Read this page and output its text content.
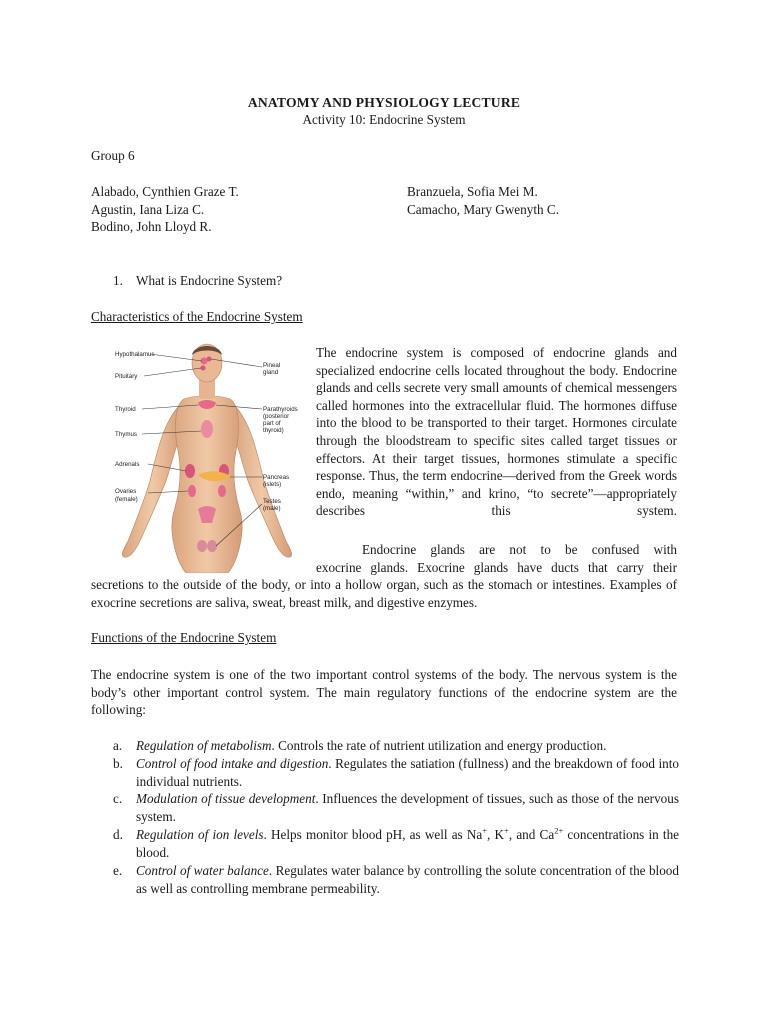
ANATOMY AND PHYSIOLOGY LECTURE
Activity 10: Endocrine System
Group 6
Alabado, Cynthien Graze T.
Agustin, Iana Liza C.
Bodino, John Lloyd R.
Branzuela, Sofia Mei M.
Camacho, Mary Gwenyth C.
1. What is Endocrine System?
Characteristics of the Endocrine System
Hypothalamus
Pituitary
Thyroid
Thymus
Adrenals
Ovaries
(female)
Pineal
gland
Parathyroids
(posterior
part of
thyroid)
Pancreas
(islets)
Testes
(male)
The endocrine system is composed of endocrine glands and specialized endocrine cells located throughout the body. Endocrine glands and cells secrete very small amounts of chemical messengers called hormones into the extracellular fluid. The hormones diffuse into the blood to be transported to their target. Hormones circulate through the bloodstream to specific sites called target tissues or effectors. At their target tissues, hormones stimulate a specific response. Thus, the term endocrine—derived from the Greek words endo, meaning “within,” and krino, “to secrete”—appropriately describes this system.
Endocrine glands are not to be confused with
exocrine glands. Exocrine glands have ducts that carry their
secretions to the outside of the body, or into a hollow organ, such as the stomach or intestines. Examples of exocrine secretions are saliva, sweat, breast milk, and digestive enzymes.
Functions of the Endocrine System
The endocrine system is one of the two important control systems of the body. The nervous system is the body’s other important control system. The main regulatory functions of the endocrine system are the following:
a. Regulation of metabolism. Controls the rate of nutrient utilization and energy production.
b. Control of food intake and digestion. Regulates the satiation (fullness) and the breakdown of food into individual nutrients.
c. Modulation of tissue development. Influences the development of tissues, such as those of the nervous system.
d. Regulation of ion levels. Helps monitor blood pH, as well as Na+, K+, and $Ca^{2+}$ concentrations in the blood.
e. Control of water balance. Regulates water balance by controlling the solute concentration of the blood as well as controlling membrane permeability.
